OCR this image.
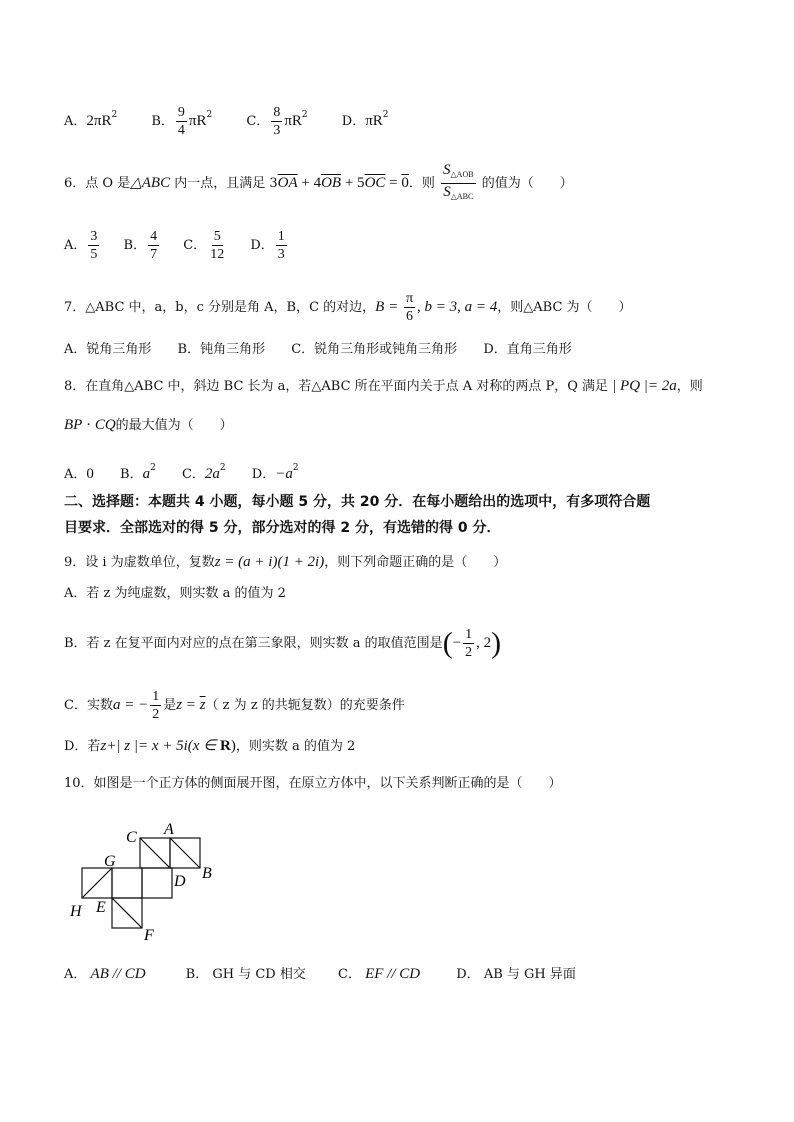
A．$2\pi R^2$	B． $\frac{9}{4} \pi R^2$	C． $\frac{8}{3} \pi R^2$	D．$\pi R^2$
6．点 O 是△ABC 内一点，且满足 $3\overline{OA} + 4\overline{OB} + 5\overline{OC} = 0$．则 $\frac{S_{\triangle AOB}}{S_{\triangle ABC}}$ 的值为（　　）
A． $\frac{3}{5}$ B． $\frac{4}{7}$ C． $\frac{5}{12}$ D． $\frac{1}{3}$
7．△ABC 中，a，b，c 分别是角 A，B，C 的对边，$B = \frac{\pi}{6}$ , b = 3, a = 4，则△ABC 为（　　）
A．锐角三角形 B．钝角三角形 C．锐角三角形或钝角三角形 D．直角三角形
8．在直角△ABC 中，斜边 BC 长为 a，若△ABC 所在平面内关于点 A 对称的两点 P，Q 满足 | PQ |= 2a，则
BP · CQ的最大值为（　　）
A．0 B．$a^2$ C．$2a^2$ D．$-a^2$
二、选择题：本题共 4 小题，每小题 5 分，共 20 分．在每小题给出的选项中，有多项符合题
目要求．全部选对的得 5 分，部分选对的得 2 分，有选错的得 0 分．
9．设 i 为虚数单位，复数z = (a + i)(1 + 2i)，则下列命题正确的是（　　）
A．若 z 为纯虚数，则实数 a 的值为 2
B．若 z 在复平面内对应的点在第三象限，则实数 a 的取值范围是(− $\frac{1}{2}$ , 2)
C．实数a = − $\frac{1}{2}$ 是$z = \overline{z}$（ z 为 z 的共轭复数）的充要条件
D．若z+| z |= x + 5i(x ∈ R)，则实数 a 的值为 2
10．如图是一个正方体的侧面展开图，在原立方体中，以下关系判断正确的是（　　）
C A
G
D B
H E
F
A． AB // CD	B． GH 与 CD 相交 C． EF // CD	D． AB 与 GH 异面
